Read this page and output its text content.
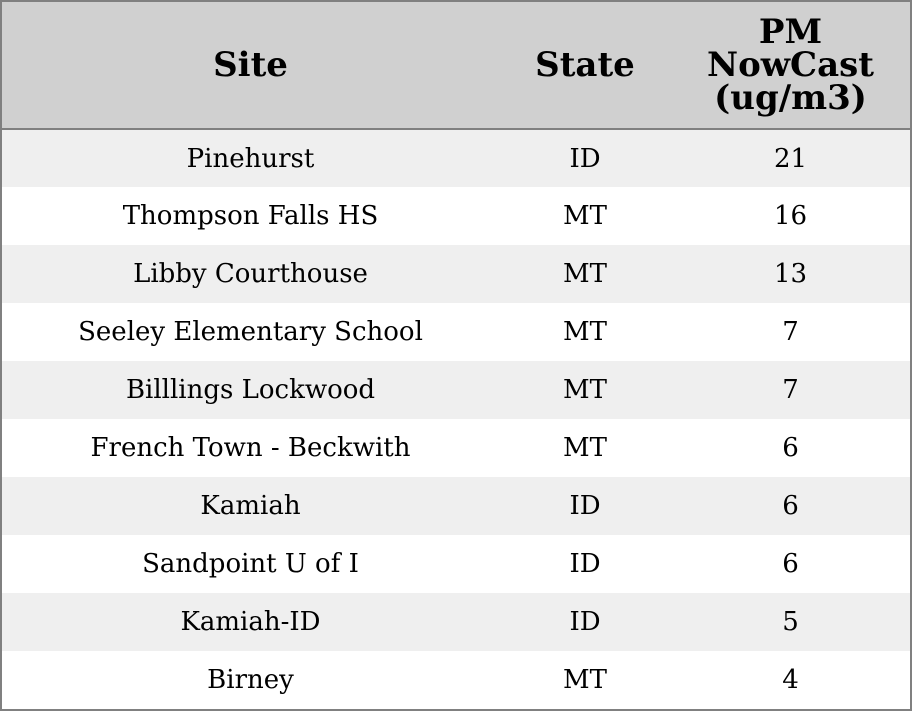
Site	State	PM
NowCast
(ug/m3)
Pinehurst	ID	21
Thompson Falls HS	MT	16
Libby Courthouse	MT	13
Seeley Elementary School	MT	7
Billlings Lockwood	MT	7
French Town - Beckwith	MT	6
Kamiah	ID	6
Sandpoint U of I	ID	6
Kamiah-ID	ID	5
Birney	MT	4
